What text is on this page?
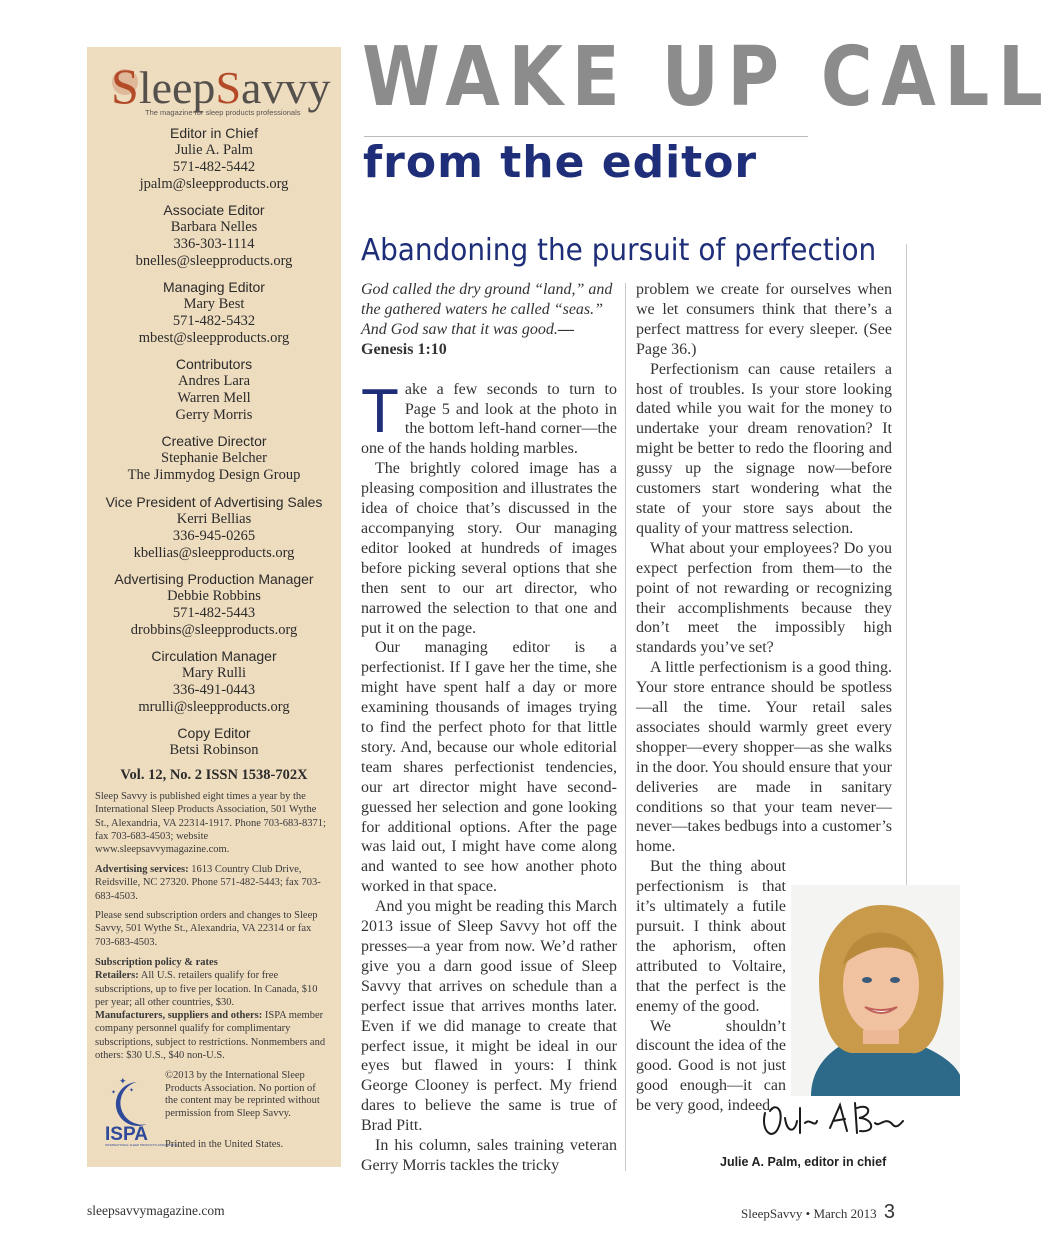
SleepSavvy
The magazine for sleep products professionals
Editor in Chief
Julie A. Palm
571-482-5442
jpalm@sleepproducts.org
Associate Editor
Barbara Nelles
336-303-1114
bnelles@sleepproducts.org
Managing Editor
Mary Best
571-482-5432
mbest@sleepproducts.org
Contributors
Andres Lara
Warren Mell
Gerry Morris
Creative Director
Stephanie Belcher
The Jimmydog Design Group
Vice President of Advertising Sales
Kerri Bellias
336-945-0265
kbellias@sleepproducts.org
Advertising Production Manager
Debbie Robbins
571-482-5443
drobbins@sleepproducts.org
Circulation Manager
Mary Rulli
336-491-0443
mrulli@sleepproducts.org
Copy Editor
Betsi Robinson
Vol. 12, No. 2 ISSN 1538-702X
Sleep Savvy is published eight times a year by the International Sleep Products Association, 501 Wythe St., Alexandria, VA 22314-1917. Phone 703-683-8371; fax 703-683-4503; website www.sleepsavvymagazine.com.
Advertising services: 1613 Country Club Drive, Reidsville, NC 27320. Phone 571-482-5443; fax 703-683-4503.
Please send subscription orders and changes to Sleep Savvy, 501 Wythe St., Alexandria, VA 22314 or fax 703-683-4503.
Subscription policy & rates
Retailers: All U.S. retailers qualify for free subscriptions, up to five per location. In Canada, $10 per year; all other countries, $30.
Manufacturers, suppliers and others: ISPA member company personnel qualify for complimentary subscriptions, subject to restrictions. Nonmembers and others: $30 U.S., $40 non-U.S.
✦
✦
✦
ISPA
INTERNATIONAL SLEEP PRODUCTS ASSOCIATION
©2013 by the International Sleep Products Association. No portion of the content may be reprinted without permission from Sleep Savvy.
Printed in the United States.
WAKE UP CALL
from the editor
Abandoning the pursuit of perfection

God called the dry ground “land,” and the gathered waters he called “seas.” And God saw that it was good.—Genesis 1:10

Take a few seconds to turn to Page 5 and look at the photo in the bottom left-hand corner—the one of the hands holding marbles.

The brightly colored image has a pleasing composition and illustrates the idea of choice that’s discussed in the accompanying story. Our managing editor looked at hundreds of images before picking several options that she then sent to our art director, who narrowed the selection to that one and put it on the page.

Our managing editor is a perfectionist. If I gave her the time, she might have spent half a day or more examining thousands of images trying to find the perfect photo for that little story. And, because our whole editorial team shares perfectionist tendencies, our art director might have second-guessed her selection and gone looking for additional options. After the page was laid out, I might have come along and wanted to see how another photo worked in that space.

And you might be reading this March 2013 issue of Sleep Savvy hot off the presses—a year from now. We’d rather give you a darn good issue of Sleep Savvy that arrives on schedule than a perfect issue that arrives months later. Even if we did manage to create that perfect issue, it might be ideal in our eyes but flawed in yours: I think George Clooney is perfect. My friend dares to believe the same is true of Brad Pitt.

In his column, sales training veteran Gerry Morris tackles the tricky

problem we create for ourselves when we let consumers think that there’s a perfect mattress for every sleeper. (See Page 36.)

Perfectionism can cause retailers a host of troubles. Is your store looking dated while you wait for the money to undertake your dream renovation? It might be better to redo the flooring and gussy up the signage now—before customers start wondering what the state of your store says about the quality of your mattress selection.

What about your employees? Do you expect perfection from them—to the point of not rewarding or recognizing their accomplishments because they don’t meet the impossibly high standards you’ve set?

A little perfectionism is a good thing. Your store entrance should be spotless—all the time. Your retail sales associates should warmly greet every shopper—every shopper—as she walks in the door. You should ensure that your deliveries are made in sanitary conditions so that your team never—never—takes bedbugs into a customer’s home.

But the thing about perfectionism is that it’s ultimately a futile pursuit. I think about the aphorism, often attributed to Voltaire, that the perfect is the enemy of the good.

We shouldn’t discount the idea of the good. Good is not just good enough—it can be very good, indeed.

Julie A. Palm, editor in chief
sleepsavvymagazine.com	SleepSavvy • March 2013 3
